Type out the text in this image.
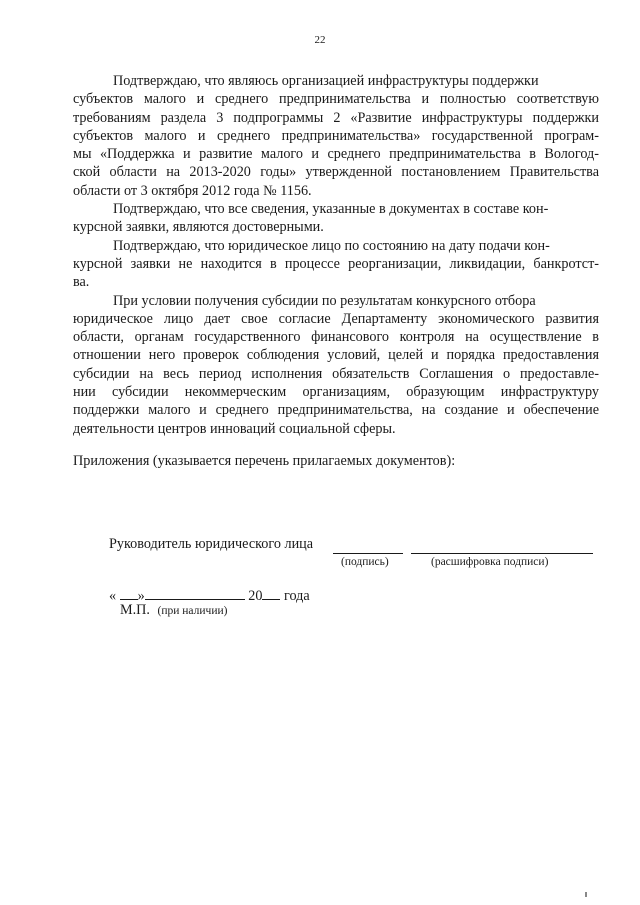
22
Подтверждаю, что являюсь организацией инфраструктуры поддержки
субъектов малого и среднего предпринимательства и полностью соответствую
требованиям раздела 3 подпрограммы 2 «Развитие инфраструктуры поддержки
субъектов малого и среднего предпринимательства» государственной програм-
мы «Поддержка и развитие малого и среднего предпринимательства в Вологод-
ской области на 2013-2020 годы» утвержденной постановлением Правительства
области от 3 октября 2012 года № 1156.
Подтверждаю, что все сведения, указанные в документах в составе кон-
курсной заявки, являются достоверными.
Подтверждаю, что юридическое лицо по состоянию на дату подачи кон-
курсной заявки не находится в процессе реорганизации, ликвидации, банкротст-
ва.
При условии получения субсидии по результатам конкурсного отбора
юридическое лицо дает свое согласие Департаменту экономического развития
области, органам государственного финансового контроля на осуществление в
отношении него проверок соблюдения условий, целей и порядка предоставления
субсидии на весь период исполнения обязательств Соглашения о предоставле-
нии субсидии некоммерческим организациям, образующим инфраструктуру
поддержки малого и среднего предпринимательства, на создание и обеспечение
деятельности центров инноваций социальной сферы.
Приложения (указывается перечень прилагаемых документов):
Руководитель юридического лица
(подпись)	(расшифровка подписи)
« »	20 года
М.П. (при наличии)
